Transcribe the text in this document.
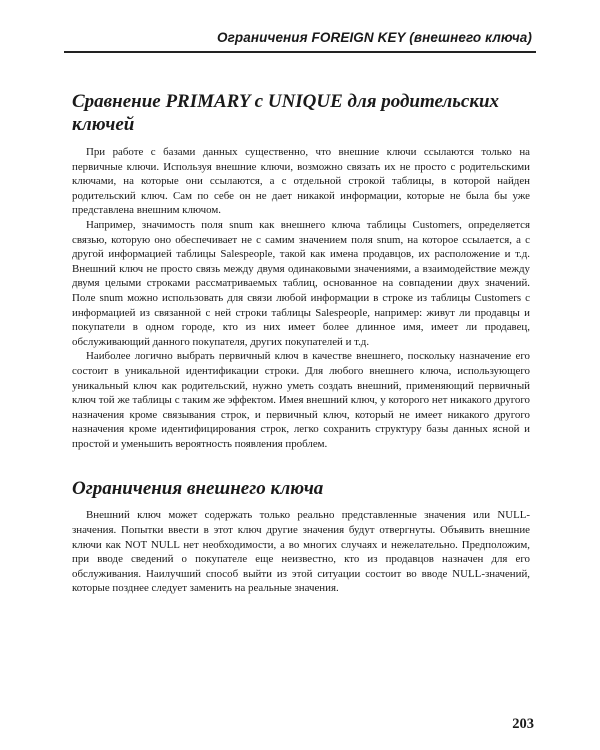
Ограничения FOREIGN KEY (внешнего ключа)
Сравнение PRIMARY с UNIQUE для родительских ключей

При работе с базами данных существенно, что внешние ключи ссылаются только на первичные ключи. Используя внешние ключи, возможно связать их не просто с родительскими ключами, на которые они ссылаются, а с отдельной строкой таблицы, в которой найден родительский ключ. Сам по себе он не дает никакой информации, которые не была бы уже представлена внешним ключом.

Например, значимость поля snum как внешнего ключа таблицы Customers, определяется связью, которую оно обеспечивает не с самим значением поля snum, на которое ссылается, а с другой информацией таблицы Salespeople, такой как имена продавцов, их расположение и т.д. Внешний ключ не просто связь между двумя одинаковыми значениями, а взаимодействие между двумя целыми строками рассматриваемых таблиц, основанное на совпадении двух значений. Поле snum можно использовать для связи любой информации в строке из таблицы Customers с информацией из связанной с ней строки таблицы Salespeople, например: живут ли продавцы и покупатели в одном городе, кто из них имеет более длинное имя, имеет ли продавец, обслуживающий данного покупателя, других покупателей и т.д.

Наиболее логично выбрать первичный ключ в качестве внешнего, поскольку назначение его состоит в уникальной идентификации строки. Для любого внешнего ключа, использующего уникальный ключ как родительский, нужно уметь создать внешний, применяющий первичный ключ той же таблицы с таким же эффектом. Имея внешний ключ, у которого нет никакого другого назначения кроме связывания строк, и первичный ключ, который не имеет никакого другого назначения кроме идентифицирования строк, легко сохранить структуру базы данных ясной и простой и уменьшить вероятность появления проблем.

Ограничения внешнего ключа

Внешний ключ может содержать только реально представленные значения или NULL-значения. Попытки ввести в этот ключ другие значения будут отвергнуты. Объявить внешние ключи как NOT NULL нет необходимости, а во многих случаях и нежелательно. Предположим, при вводе сведений о покупателе еще неизвестно, кто из продавцов назначен для его обслуживания. Наилучший способ выйти из этой ситуации состоит во вводе NULL-значений, которые позднее следует заменить на реальные значения.

203
